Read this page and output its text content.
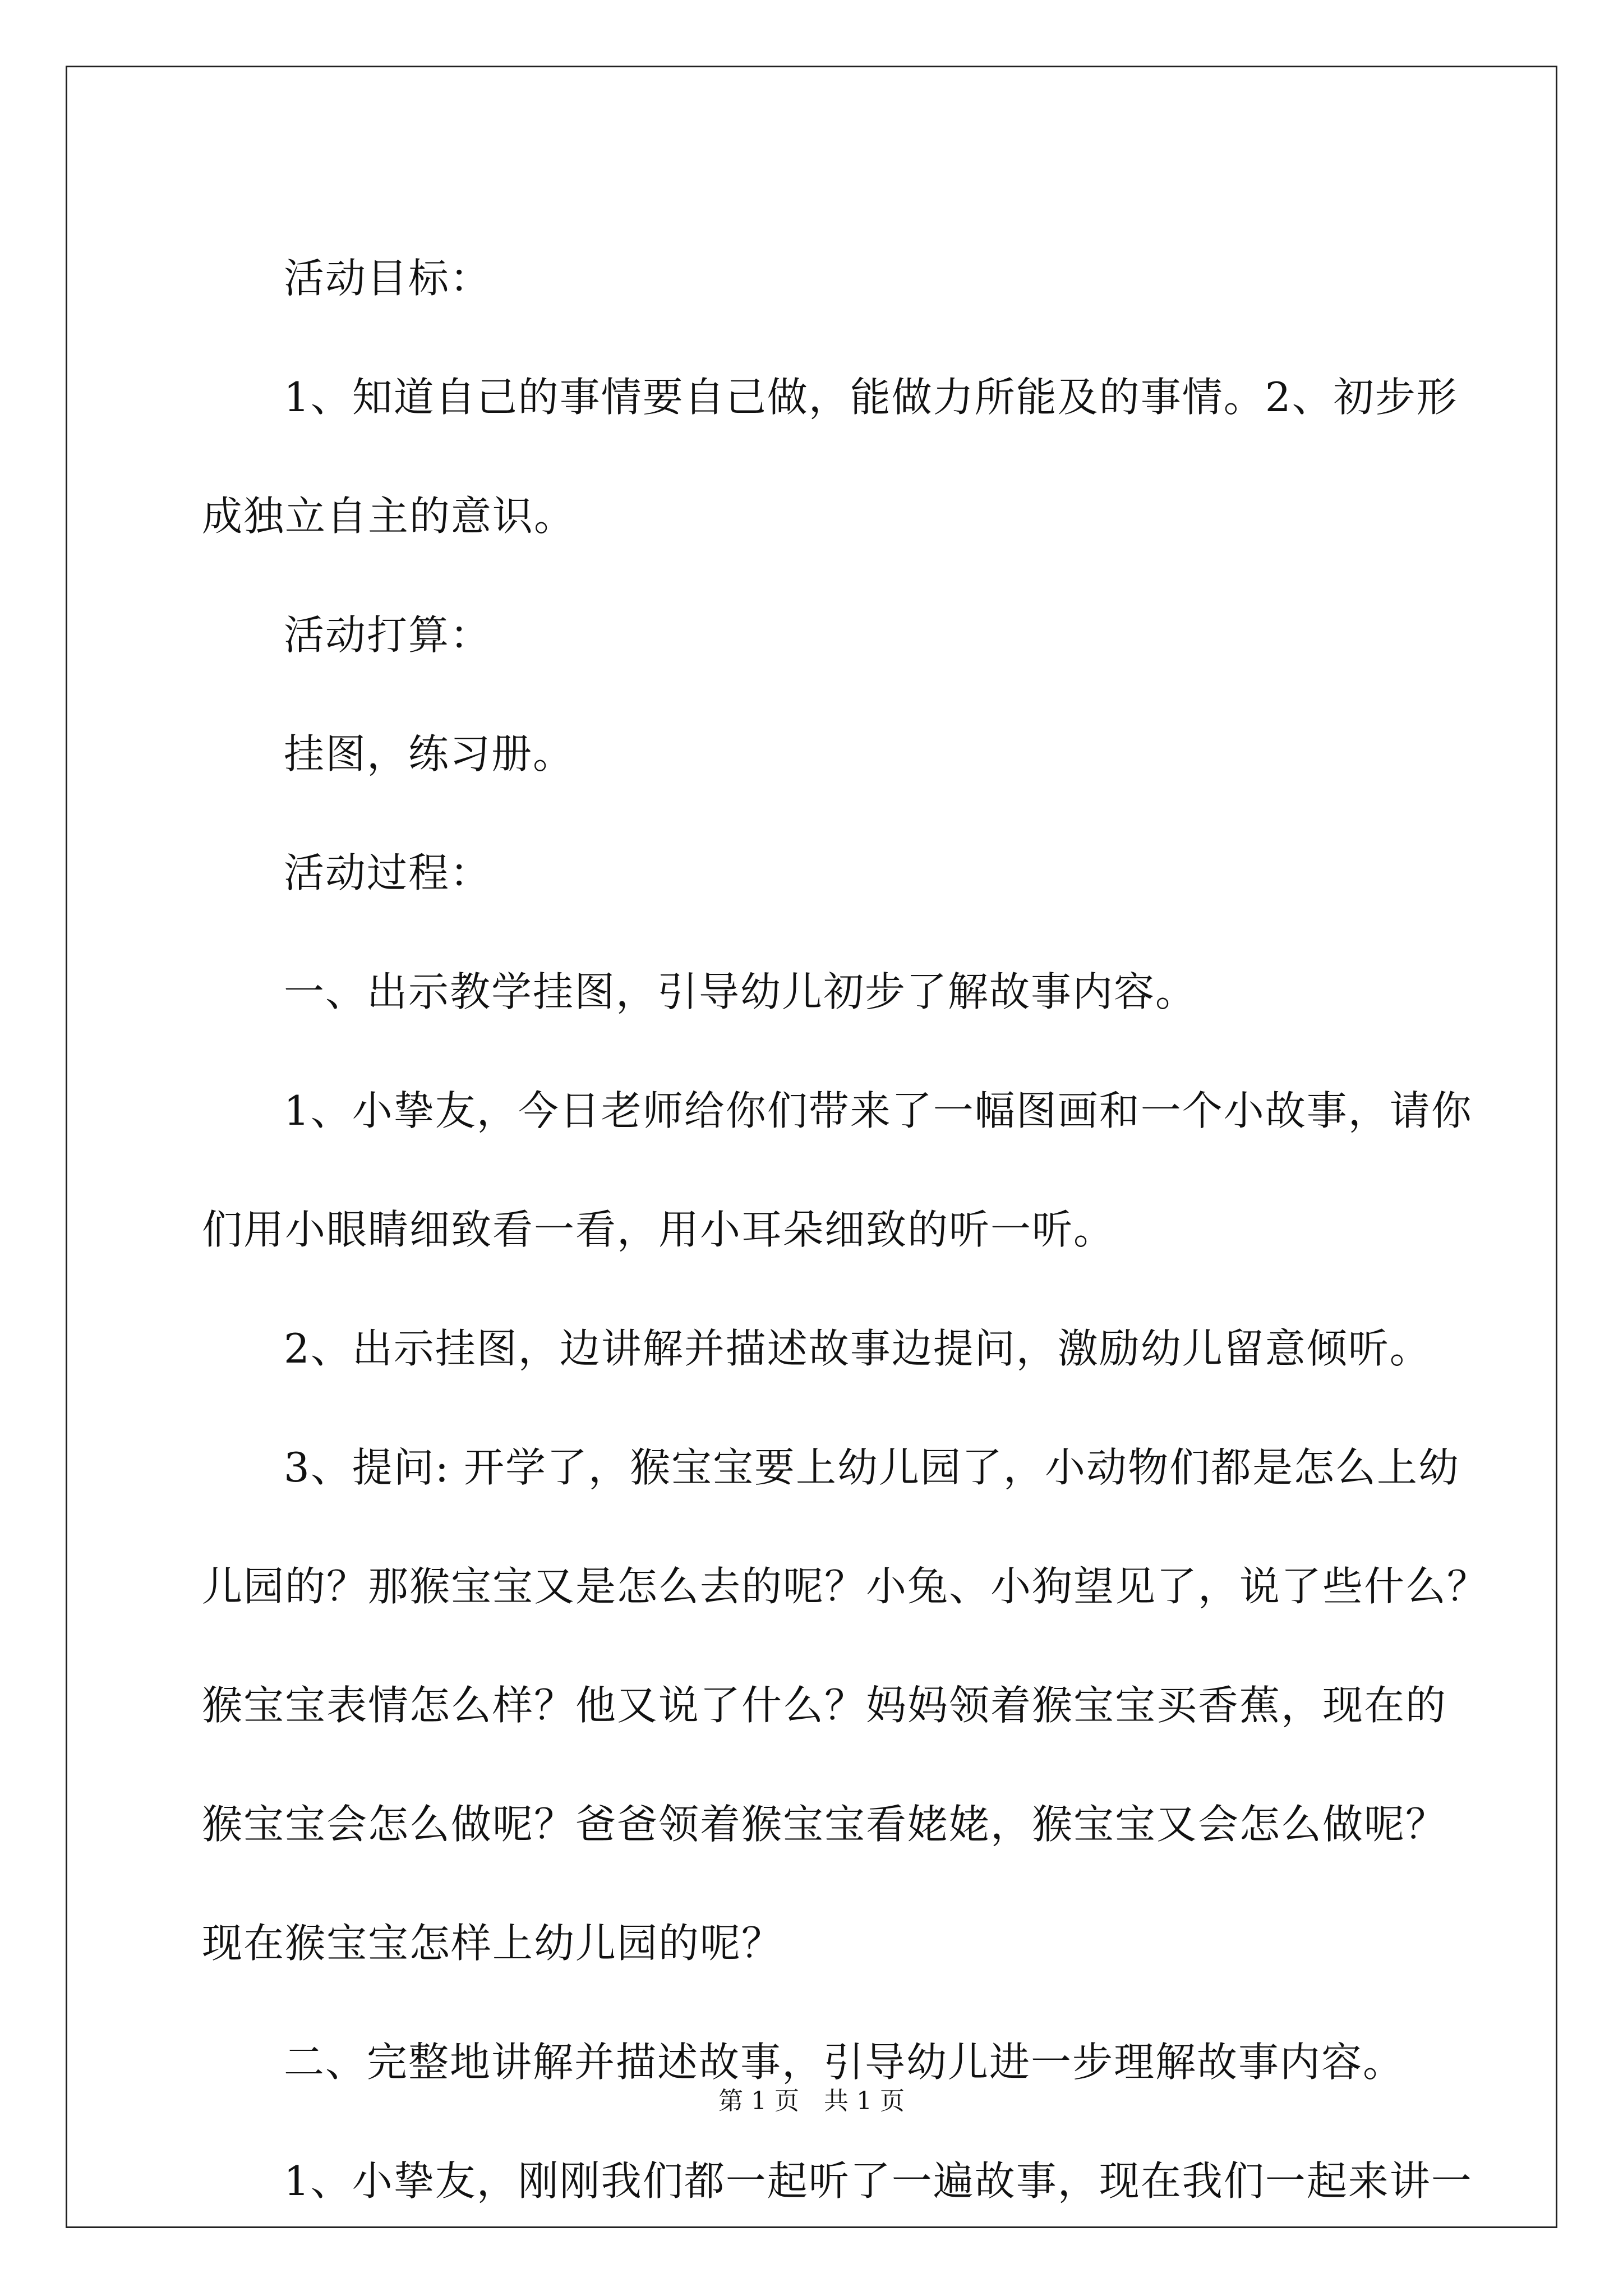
活动目标：

1、知道自己的事情要自己做，能做力所能及的事情。2、初步形

成独立自主的意识。

活动打算：

挂图，练习册。

活动过程：

一、出示教学挂图，引导幼儿初步了解故事内容。

1、小挚友，今日老师给你们带来了一幅图画和一个小故事，请你

们用小眼睛细致看一看，用小耳朵细致的听一听。

2、出示挂图，边讲解并描述故事边提问，激励幼儿留意倾听。

3、提问: 开学了，猴宝宝要上幼儿园了，小动物们都是怎么上幼

儿园的？那猴宝宝又是怎么去的呢？小兔、小狗望见了，说了些什么？

猴宝宝表情怎么样？他又说了什么？妈妈领着猴宝宝买香蕉，现在的

猴宝宝会怎么做呢？爸爸领着猴宝宝看姥姥，猴宝宝又会怎么做呢？

现在猴宝宝怎样上幼儿园的呢？

二、完整地讲解并描述故事，引导幼儿进一步理解故事内容。

1、小挚友，刚刚我们都一起听了一遍故事，现在我们一起来讲一

第 1 页　共 1 页
